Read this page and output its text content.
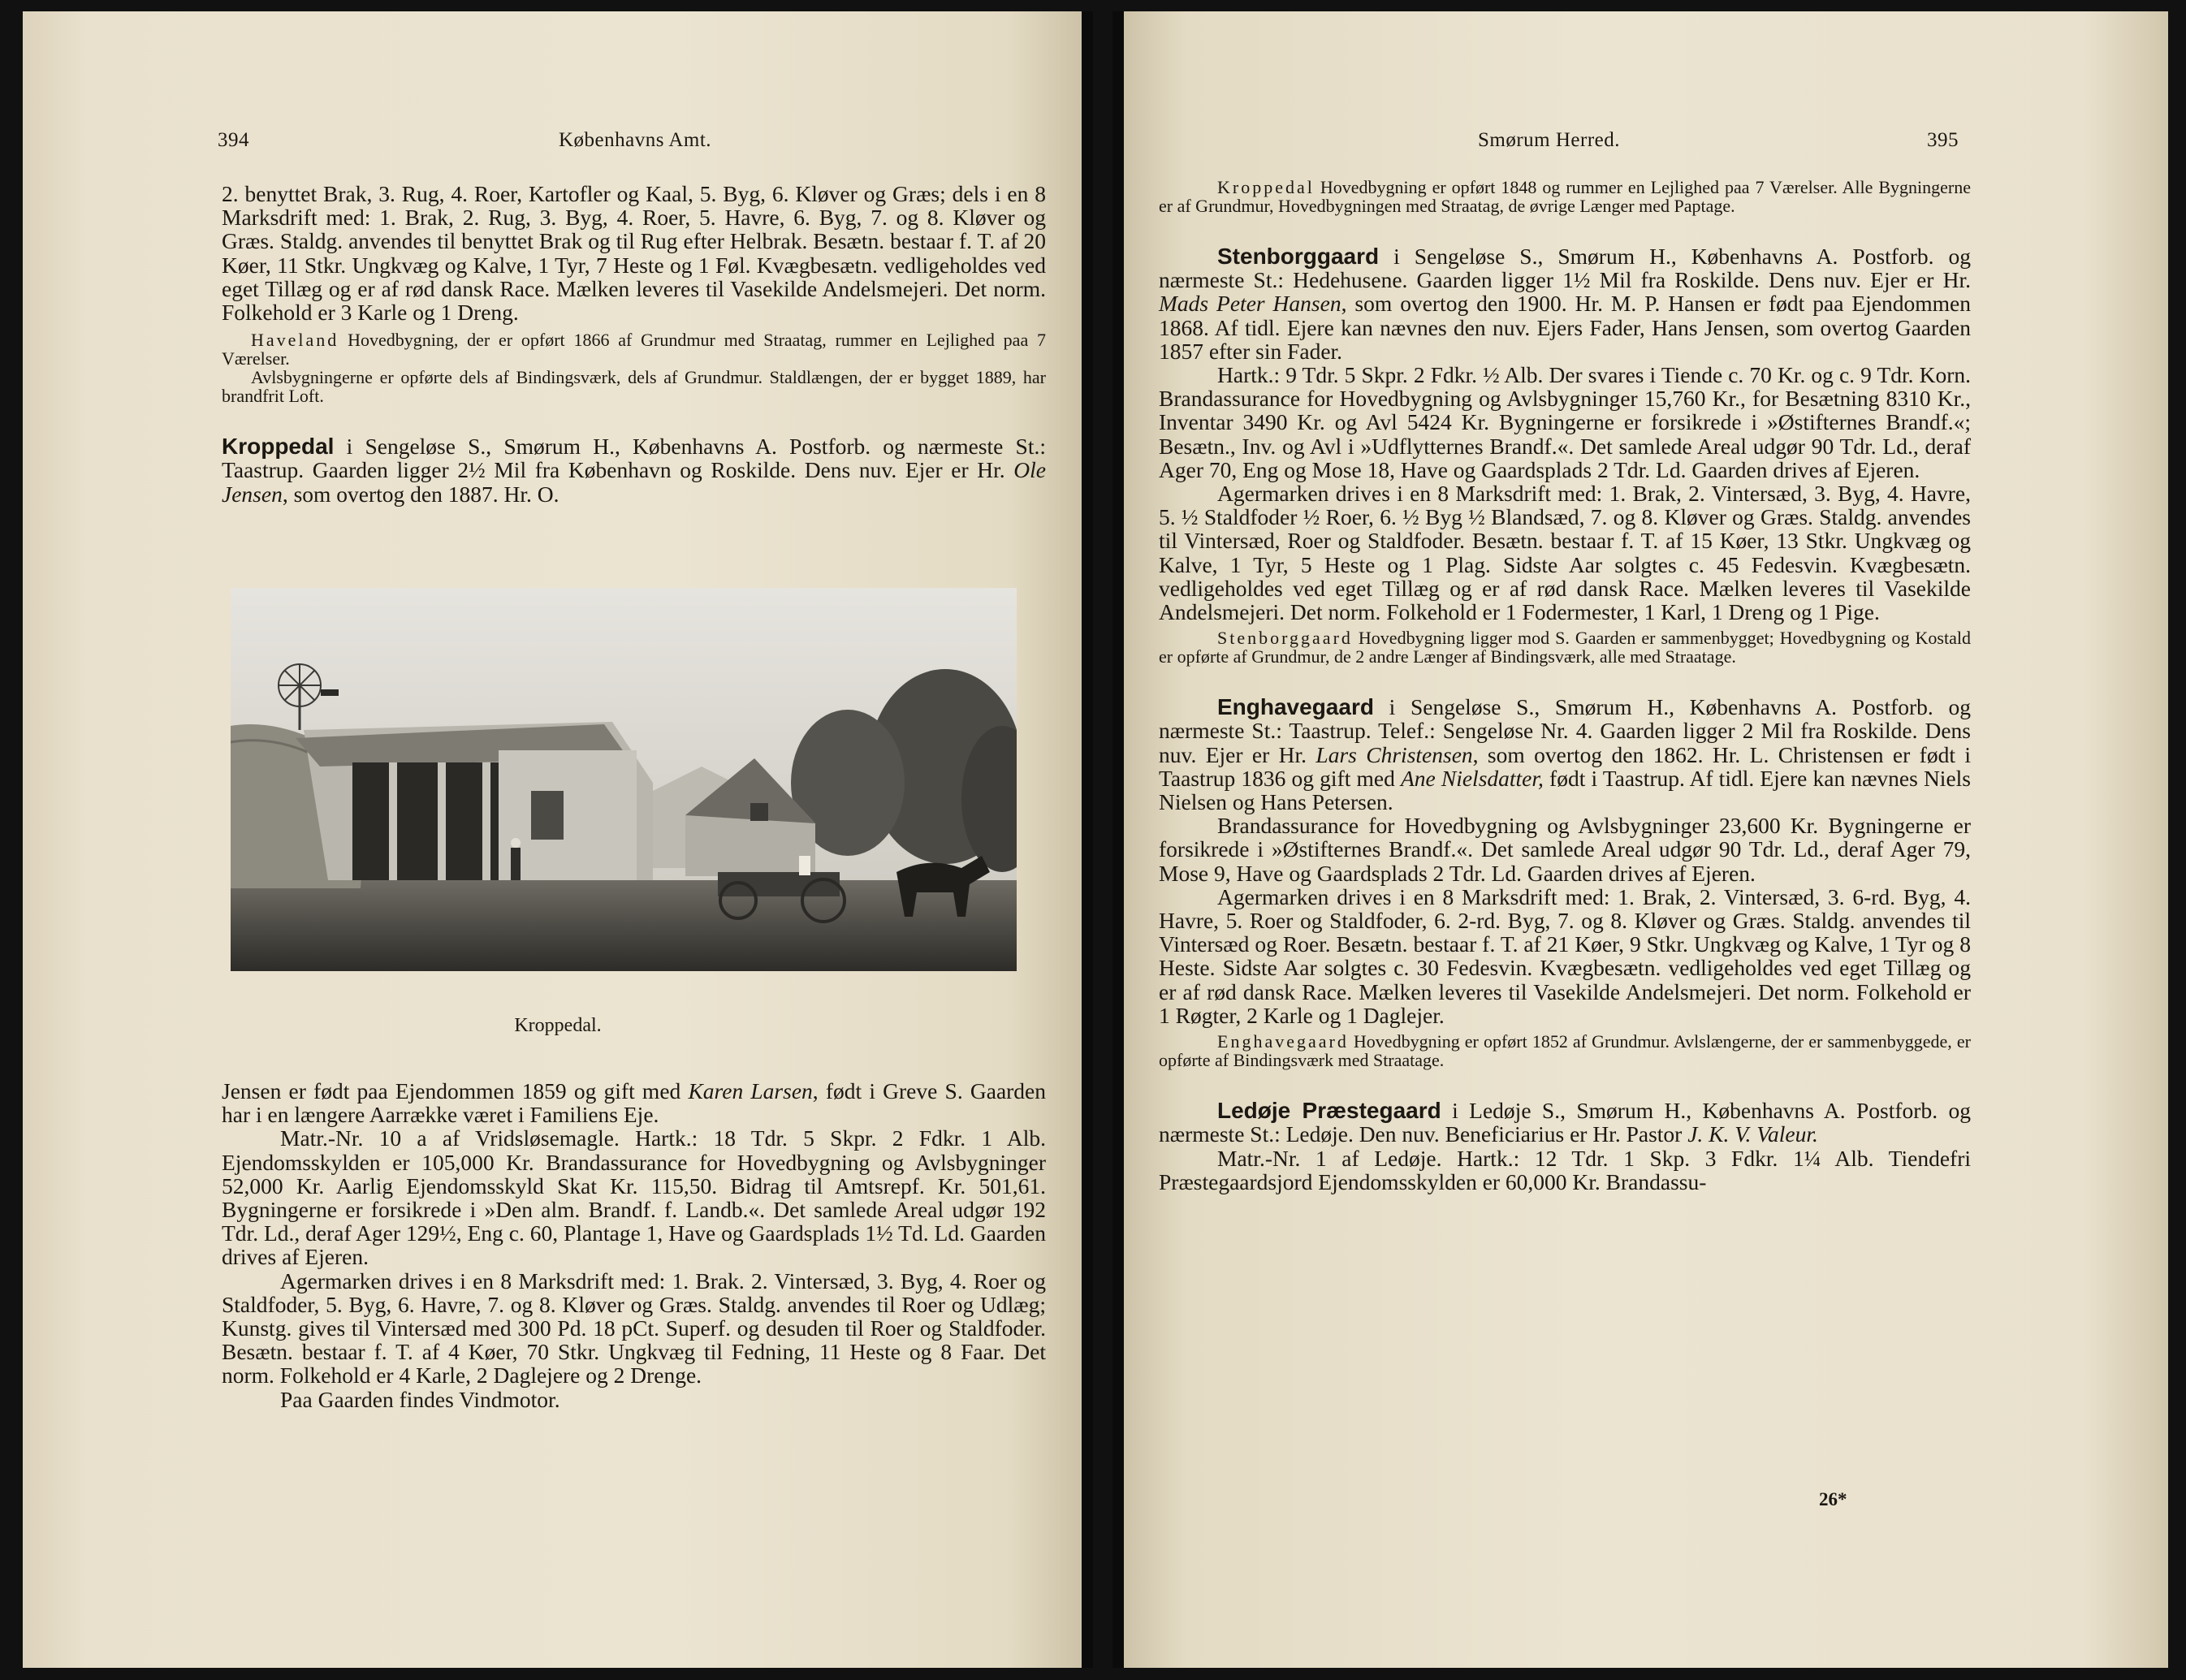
394	Københavns Amt.

2. benyttet Brak, 3. Rug, 4. Roer, Kartofler og Kaal, 5. Byg, 6. Kløver og Græs; dels i en 8 Marksdrift med: 1. Brak, 2. Rug, 3. Byg, 4. Roer, 5. Havre, 6. Byg, 7. og 8. Kløver og Græs. Staldg. anvendes til benyttet Brak og til Rug efter Helbrak. Besætn. bestaar f. T. af 20 Køer, 11 Stkr. Ungkvæg og Kalve, 1 Tyr, 7 Heste og 1 Føl. Kvægbesætn. vedligeholdes ved eget Tillæg og er af rød dansk Race. Mælken leveres til Vasekilde Andelsmejeri. Det norm. Folkehold er 3 Karle og 1 Dreng.

Haveland Hovedbygning, der er opført 1866 af Grundmur med Straatag, rummer en Lejlighed paa 7 Værelser.

Avlsbygningerne er opførte dels af Bindingsværk, dels af Grundmur. Staldlængen, der er bygget 1889, har brandfrit Loft.

Kroppedal i Sengeløse S., Smørum H., Københavns A. Postforb. og nærmeste St.: Taastrup. Gaarden ligger 2½ Mil fra København og Roskilde. Dens nuv. Ejer er Hr. Ole Jensen, som overtog den 1887. Hr. O.

Kroppedal.

Jensen er født paa Ejendommen 1859 og gift med Karen Larsen, født i Greve S. Gaarden har i en længere Aarrække været i Familiens Eje.

Matr.-Nr. 10 a af Vridsløsemagle. Hartk.: 18 Tdr. 5 Skpr. 2 Fdkr. 1 Alb. Ejendomsskylden er 105,000 Kr. Brandassurance for Hovedbygning og Avlsbygninger 52,000 Kr. Aarlig Ejendomsskyld Skat Kr. 115,50. Bidrag til Amtsrepf. Kr. 501,61. Bygningerne er forsikrede i »Den alm. Brandf. f. Landb.«. Det samlede Areal udgør 192 Tdr. Ld., deraf Ager 129½, Eng c. 60, Plantage 1, Have og Gaardsplads 1½ Td. Ld. Gaarden drives af Ejeren.

Agermarken drives i en 8 Marksdrift med: 1. Brak. 2. Vintersæd, 3. Byg, 4. Roer og Staldfoder, 5. Byg, 6. Havre, 7. og 8. Kløver og Græs. Staldg. anvendes til Roer og Udlæg; Kunstg. gives til Vintersæd med 300 Pd. 18 pCt. Superf. og desuden til Roer og Staldfoder. Besætn. bestaar f. T. af 4 Køer, 70 Stkr. Ungkvæg til Fedning, 11 Heste og 8 Faar. Det norm. Folkehold er 4 Karle, 2 Daglejere og 2 Drenge.

Paa Gaarden findes Vindmotor.

Smørum Herred.	395

Kroppedal Hovedbygning er opført 1848 og rummer en Lejlighed paa 7 Værelser. Alle Bygningerne er af Grundmur, Hovedbygningen med Straatag, de øvrige Længer med Paptage.

Stenborggaard i Sengeløse S., Smørum H., Københavns A. Postforb. og nærmeste St.: Hedehusene. Gaarden ligger 1½ Mil fra Roskilde. Dens nuv. Ejer er Hr. Mads Peter Hansen, som overtog den 1900. Hr. M. P. Hansen er født paa Ejendommen 1868. Af tidl. Ejere kan nævnes den nuv. Ejers Fader, Hans Jensen, som overtog Gaarden 1857 efter sin Fader.

Hartk.: 9 Tdr. 5 Skpr. 2 Fdkr. ½ Alb. Der svares i Tiende c. 70 Kr. og c. 9 Tdr. Korn. Brandassurance for Hovedbygning og Avlsbygninger 15,760 Kr., for Besætning 8310 Kr., Inventar 3490 Kr. og Avl 5424 Kr. Bygningerne er forsikrede i »Østifternes Brandf.«; Besætn., Inv. og Avl i »Udflytternes Brandf.«. Det samlede Areal udgør 90 Tdr. Ld., deraf Ager 70, Eng og Mose 18, Have og Gaardsplads 2 Tdr. Ld. Gaarden drives af Ejeren.

Agermarken drives i en 8 Marksdrift med: 1. Brak, 2. Vintersæd, 3. Byg, 4. Havre, 5. ½ Staldfoder ½ Roer, 6. ½ Byg ½ Blandsæd, 7. og 8. Kløver og Græs. Staldg. anvendes til Vintersæd, Roer og Staldfoder. Besætn. bestaar f. T. af 15 Køer, 13 Stkr. Ungkvæg og Kalve, 1 Tyr, 5 Heste og 1 Plag. Sidste Aar solgtes c. 45 Fedesvin. Kvægbesætn. vedligeholdes ved eget Tillæg og er af rød dansk Race. Mælken leveres til Vasekilde Andelsmejeri. Det norm. Folkehold er 1 Fodermester, 1 Karl, 1 Dreng og 1 Pige.

Stenborggaard Hovedbygning ligger mod S. Gaarden er sammenbygget; Hovedbygning og Kostald er opførte af Grundmur, de 2 andre Længer af Bindingsværk, alle med Straatage.

Enghavegaard i Sengeløse S., Smørum H., Københavns A. Postforb. og nærmeste St.: Taastrup. Telef.: Sengeløse Nr. 4. Gaarden ligger 2 Mil fra Roskilde. Dens nuv. Ejer er Hr. Lars Christensen, som overtog den 1862. Hr. L. Christensen er født i Taastrup 1836 og gift med Ane Nielsdatter, født i Taastrup. Af tidl. Ejere kan nævnes Niels Nielsen og Hans Petersen.

Brandassurance for Hovedbygning og Avlsbygninger 23,600 Kr. Bygningerne er forsikrede i »Østifternes Brandf.«. Det samlede Areal udgør 90 Tdr. Ld., deraf Ager 79, Mose 9, Have og Gaardsplads 2 Tdr. Ld. Gaarden drives af Ejeren.

Agermarken drives i en 8 Marksdrift med: 1. Brak, 2. Vintersæd, 3. 6-rd. Byg, 4. Havre, 5. Roer og Staldfoder, 6. 2-rd. Byg, 7. og 8. Kløver og Græs. Staldg. anvendes til Vintersæd og Roer. Besætn. bestaar f. T. af 21 Køer, 9 Stkr. Ungkvæg og Kalve, 1 Tyr og 8 Heste. Sidste Aar solgtes c. 30 Fedesvin. Kvægbesætn. vedligeholdes ved eget Tillæg og er af rød dansk Race. Mælken leveres til Vasekilde Andelsmejeri. Det norm. Folkehold er 1 Røgter, 2 Karle og 1 Daglejer.

Enghavegaard Hovedbygning er opført 1852 af Grundmur. Avlslængerne, der er sammenbyggede, er opførte af Bindingsværk med Straatage.

Ledøje Præstegaard i Ledøje S., Smørum H., Københavns A. Postforb. og nærmeste St.: Ledøje. Den nuv. Beneficiarius er Hr. Pastor J. K. V. Valeur.

Matr.-Nr. 1 af Ledøje. Hartk.: 12 Tdr. 1 Skp. 3 Fdkr. 1¼ Alb. Tiendefri Præstegaardsjord Ejendomsskylden er 60,000 Kr. Brandassu-

26*
